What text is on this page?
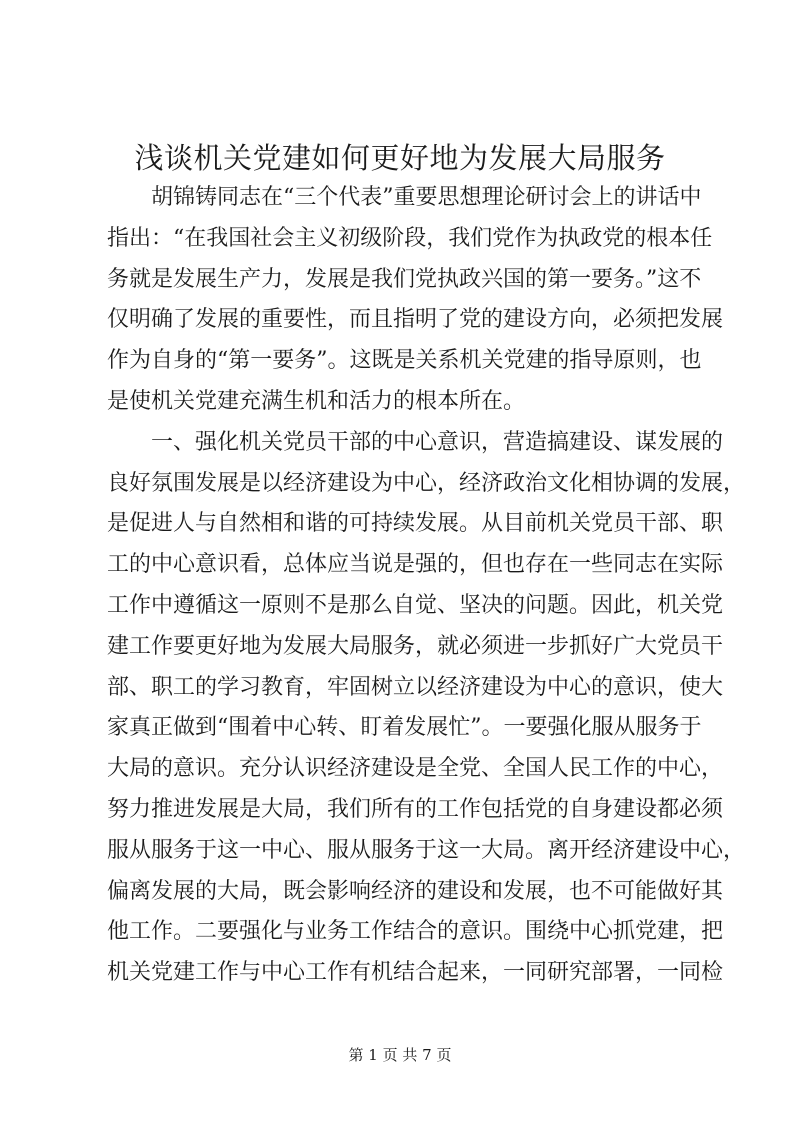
浅谈机关党建如何更好地为发展大局服务
胡锦铸同志在“三个代表”重要思想理论研讨会上的讲话中
指出：“在我国社会主义初级阶段，我们党作为执政党的根本任
务就是发展生产力，发展是我们党执政兴国的第一要务。”这不
仅明确了发展的重要性，而且指明了党的建设方向，必须把发展
作为自身的“第一要务”。这既是关系机关党建的指导原则，也
是使机关党建充满生机和活力的根本所在。
一、强化机关党员干部的中心意识，营造搞建设、谋发展的
良好氛围发展是以经济建设为中心，经济政治文化相协调的发展，
是促进人与自然相和谐的可持续发展。从目前机关党员干部、职
工的中心意识看，总体应当说是强的，但也存在一些同志在实际
工作中遵循这一原则不是那么自觉、坚决的问题。因此，机关党
建工作要更好地为发展大局服务，就必须进一步抓好广大党员干
部、职工的学习教育，牢固树立以经济建设为中心的意识，使大
家真正做到“围着中心转、盯着发展忙”。一要强化服从服务于
大局的意识。充分认识经济建设是全党、全国人民工作的中心，
努力推进发展是大局，我们所有的工作包括党的自身建设都必须
服从服务于这一中心、服从服务于这一大局。离开经济建设中心，
偏离发展的大局，既会影响经济的建设和发展，也不可能做好其
他工作。二要强化与业务工作结合的意识。围绕中心抓党建，把
机关党建工作与中心工作有机结合起来，一同研究部署，一同检
第 1 页 共 7 页
